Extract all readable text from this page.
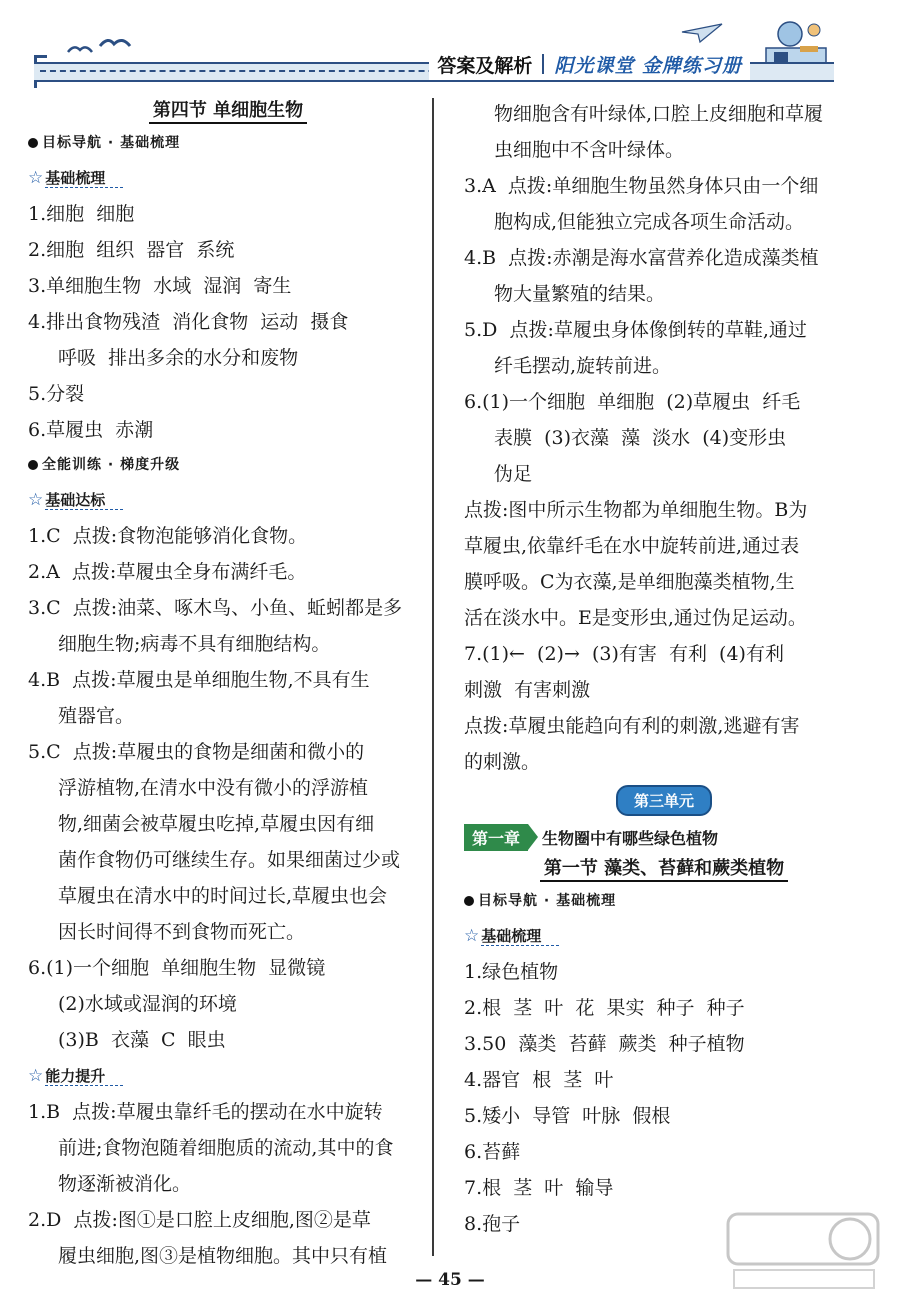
答案及解析 阳光课堂 金牌练习册
第四节 单细胞生物
目标导航 · 基础梳理
☆ 基础梳理
1.细胞  细胞
2.细胞  组织  器官  系统
3.单细胞生物  水域  湿润  寄生
4.排出食物残渣  消化食物  运动  摄食
呼吸  排出多余的水分和废物
5.分裂
6.草履虫  赤潮
全能训练 · 梯度升级
☆ 基础达标
1.C  点拨:食物泡能够消化食物。
2.A  点拨:草履虫全身布满纤毛。
3.C  点拨:油菜、啄木鸟、小鱼、蚯蚓都是多
细胞生物;病毒不具有细胞结构。
4.B  点拨:草履虫是单细胞生物,不具有生
殖器官。
5.C  点拨:草履虫的食物是细菌和微小的
浮游植物,在清水中没有微小的浮游植
物,细菌会被草履虫吃掉,草履虫因有细
菌作食物仍可继续生存。如果细菌过少或
草履虫在清水中的时间过长,草履虫也会
因长时间得不到食物而死亡。
6.(1)一个细胞  单细胞生物  显微镜
(2)水域或湿润的环境
(3)B  衣藻  C  眼虫
☆ 能力提升
1.B  点拨:草履虫靠纤毛的摆动在水中旋转
前进;食物泡随着细胞质的流动,其中的食
物逐渐被消化。
2.D  点拨:图①是口腔上皮细胞,图②是草
履虫细胞,图③是植物细胞。其中只有植
物细胞含有叶绿体,口腔上皮细胞和草履
虫细胞中不含叶绿体。
3.A  点拨:单细胞生物虽然身体只由一个细
胞构成,但能独立完成各项生命活动。
4.B  点拨:赤潮是海水富营养化造成藻类植
物大量繁殖的结果。
5.D  点拨:草履虫身体像倒转的草鞋,通过
纤毛摆动,旋转前进。
6.(1)一个细胞  单细胞  (2)草履虫  纤毛
表膜  (3)衣藻  藻  淡水  (4)变形虫
伪足
点拨:图中所示生物都为单细胞生物。B为
草履虫,依靠纤毛在水中旋转前进,通过表
膜呼吸。C为衣藻,是单细胞藻类植物,生
活在淡水中。E是变形虫,通过伪足运动。
7.(1)←  (2)→  (3)有害  有利  (4)有利
刺激  有害刺激
点拨:草履虫能趋向有利的刺激,逃避有害
的刺激。
第三单元
第一章	生物圈中有哪些绿色植物
第一节 藻类、苔藓和蕨类植物
目标导航 · 基础梳理
☆ 基础梳理
1.绿色植物
2.根  茎  叶  花  果实  种子  种子
3.50  藻类  苔藓  蕨类  种子植物
4.器官  根  茎  叶
5.矮小  导管  叶脉  假根
6.苔藓
7.根  茎  叶  输导
8.孢子
— 45 —
